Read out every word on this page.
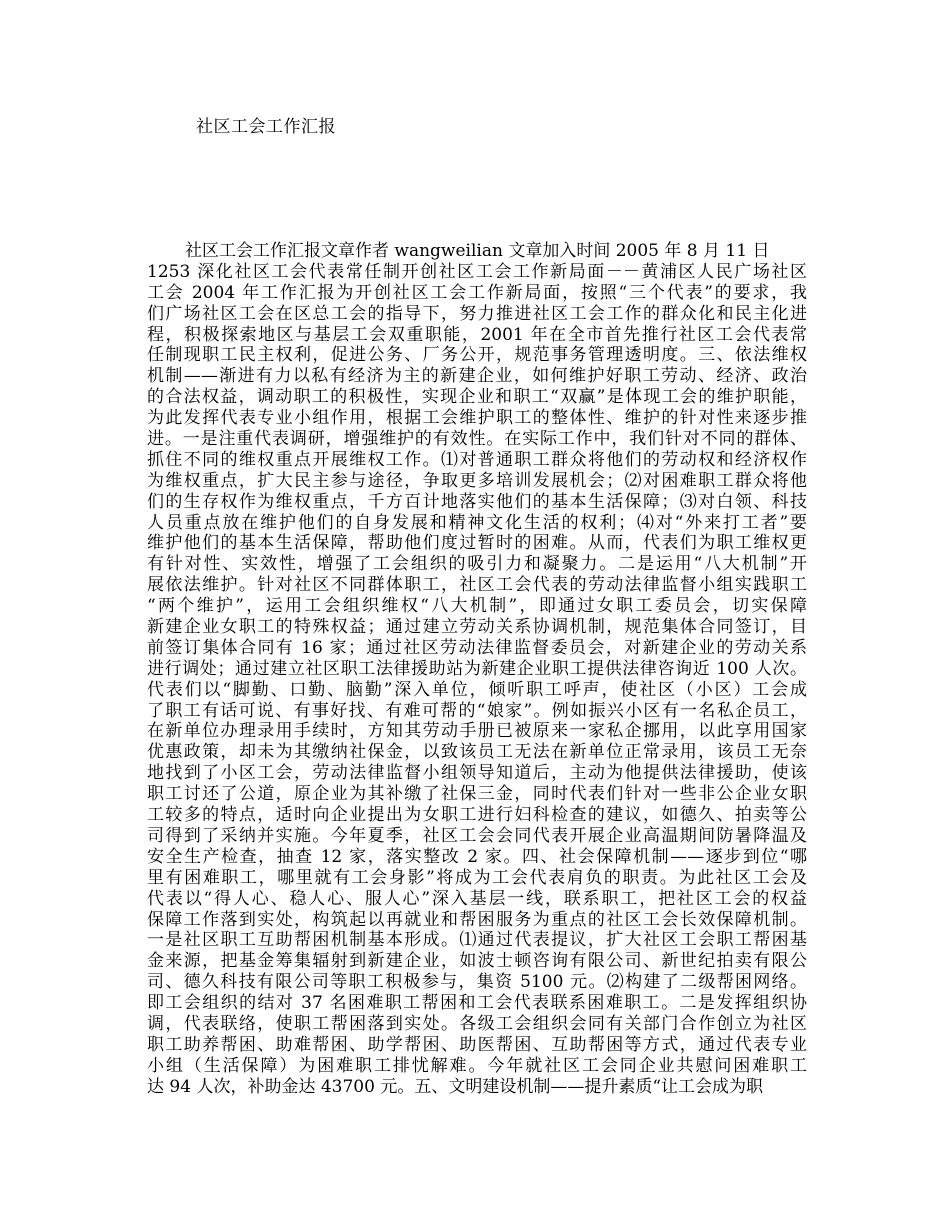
社区工会工作汇报
社区工会工作汇报文章作者 wangweilian 文章加入时间 2005 年 8 月 11 日
1253 深化社区工会代表常任制开创社区工会工作新局面－－黄浦区人民广场社区
工会 2004 年工作汇报为开创社区工会工作新局面，按照“三个代表”的要求，我
们广场社区工会在区总工会的指导下，努力推进社区工会工作的群众化和民主化进
程，积极探索地区与基层工会双重职能，2001 年在全市首先推行社区工会代表常
任制现职工民主权利，促进公务、厂务公开，规范事务管理透明度。三、依法维权
机制——渐进有力以私有经济为主的新建企业，如何维护好职工劳动、经济、政治
的合法权益，调动职工的积极性，实现企业和职工“双赢”是体现工会的维护职能，
为此发挥代表专业小组作用，根据工会维护职工的整体性、维护的针对性来逐步推
进。一是注重代表调研，增强维护的有效性。在实际工作中，我们针对不同的群体、
抓住不同的维权重点开展维权工作。⑴对普通职工群众将他们的劳动权和经济权作
为维权重点，扩大民主参与途径，争取更多培训发展机会；⑵对困难职工群众将他
们的生存权作为维权重点，千方百计地落实他们的基本生活保障；⑶对白领、科技
人员重点放在维护他们的自身发展和精神文化生活的权利；⑷对“外来打工者”要
维护他们的基本生活保障，帮助他们度过暂时的困难。从而，代表们为职工维权更
有针对性、实效性，增强了工会组织的吸引力和凝聚力。二是运用“八大机制”开
展依法维护。针对社区不同群体职工，社区工会代表的劳动法律监督小组实践职工
“两个维护”，运用工会组织维权“八大机制”，即通过女职工委员会，切实保障
新建企业女职工的特殊权益；通过建立劳动关系协调机制，规范集体合同签订，目
前签订集体合同有 16 家；通过社区劳动法律监督委员会，对新建企业的劳动关系
进行调处；通过建立社区职工法律援助站为新建企业职工提供法律咨询近 100 人次。
代表们以“脚勤、口勤、脑勤”深入单位，倾听职工呼声，使社区（小区）工会成
了职工有话可说、有事好找、有难可帮的“娘家”。例如振兴小区有一名私企员工，
在新单位办理录用手续时，方知其劳动手册已被原来一家私企挪用，以此享用国家
优惠政策，却未为其缴纳社保金，以致该员工无法在新单位正常录用，该员工无奈
地找到了小区工会，劳动法律监督小组领导知道后，主动为他提供法律援助，使该
职工讨还了公道，原企业为其补缴了社保三金，同时代表们针对一些非公企业女职
工较多的特点，适时向企业提出为女职工进行妇科检查的建议，如德久、拍卖等公
司得到了采纳并实施。今年夏季，社区工会会同代表开展企业高温期间防暑降温及
安全生产检查，抽查 12 家，落实整改 2 家。四、社会保障机制——逐步到位“哪
里有困难职工，哪里就有工会身影”将成为工会代表肩负的职责。为此社区工会及
代表以“得人心、稳人心、服人心”深入基层一线，联系职工，把社区工会的权益
保障工作落到实处，构筑起以再就业和帮困服务为重点的社区工会长效保障机制。
一是社区职工互助帮困机制基本形成。⑴通过代表提议，扩大社区工会职工帮困基
金来源，把基金筹集辐射到新建企业，如波士顿咨询有限公司、新世纪拍卖有限公
司、德久科技有限公司等职工积极参与，集资 5100 元。⑵构建了二级帮困网络。
即工会组织的结对 37 名困难职工帮困和工会代表联系困难职工。二是发挥组织协
调，代表联络，使职工帮困落到实处。各级工会组织会同有关部门合作创立为社区
职工助养帮困、助难帮困、助学帮困、助医帮困、互助帮困等方式，通过代表专业
小组（生活保障）为困难职工排忧解难。今年就社区工会同企业共慰问困难职工
达 94 人次，补助金达 43700 元。五、文明建设机制——提升素质“让工会成为职
